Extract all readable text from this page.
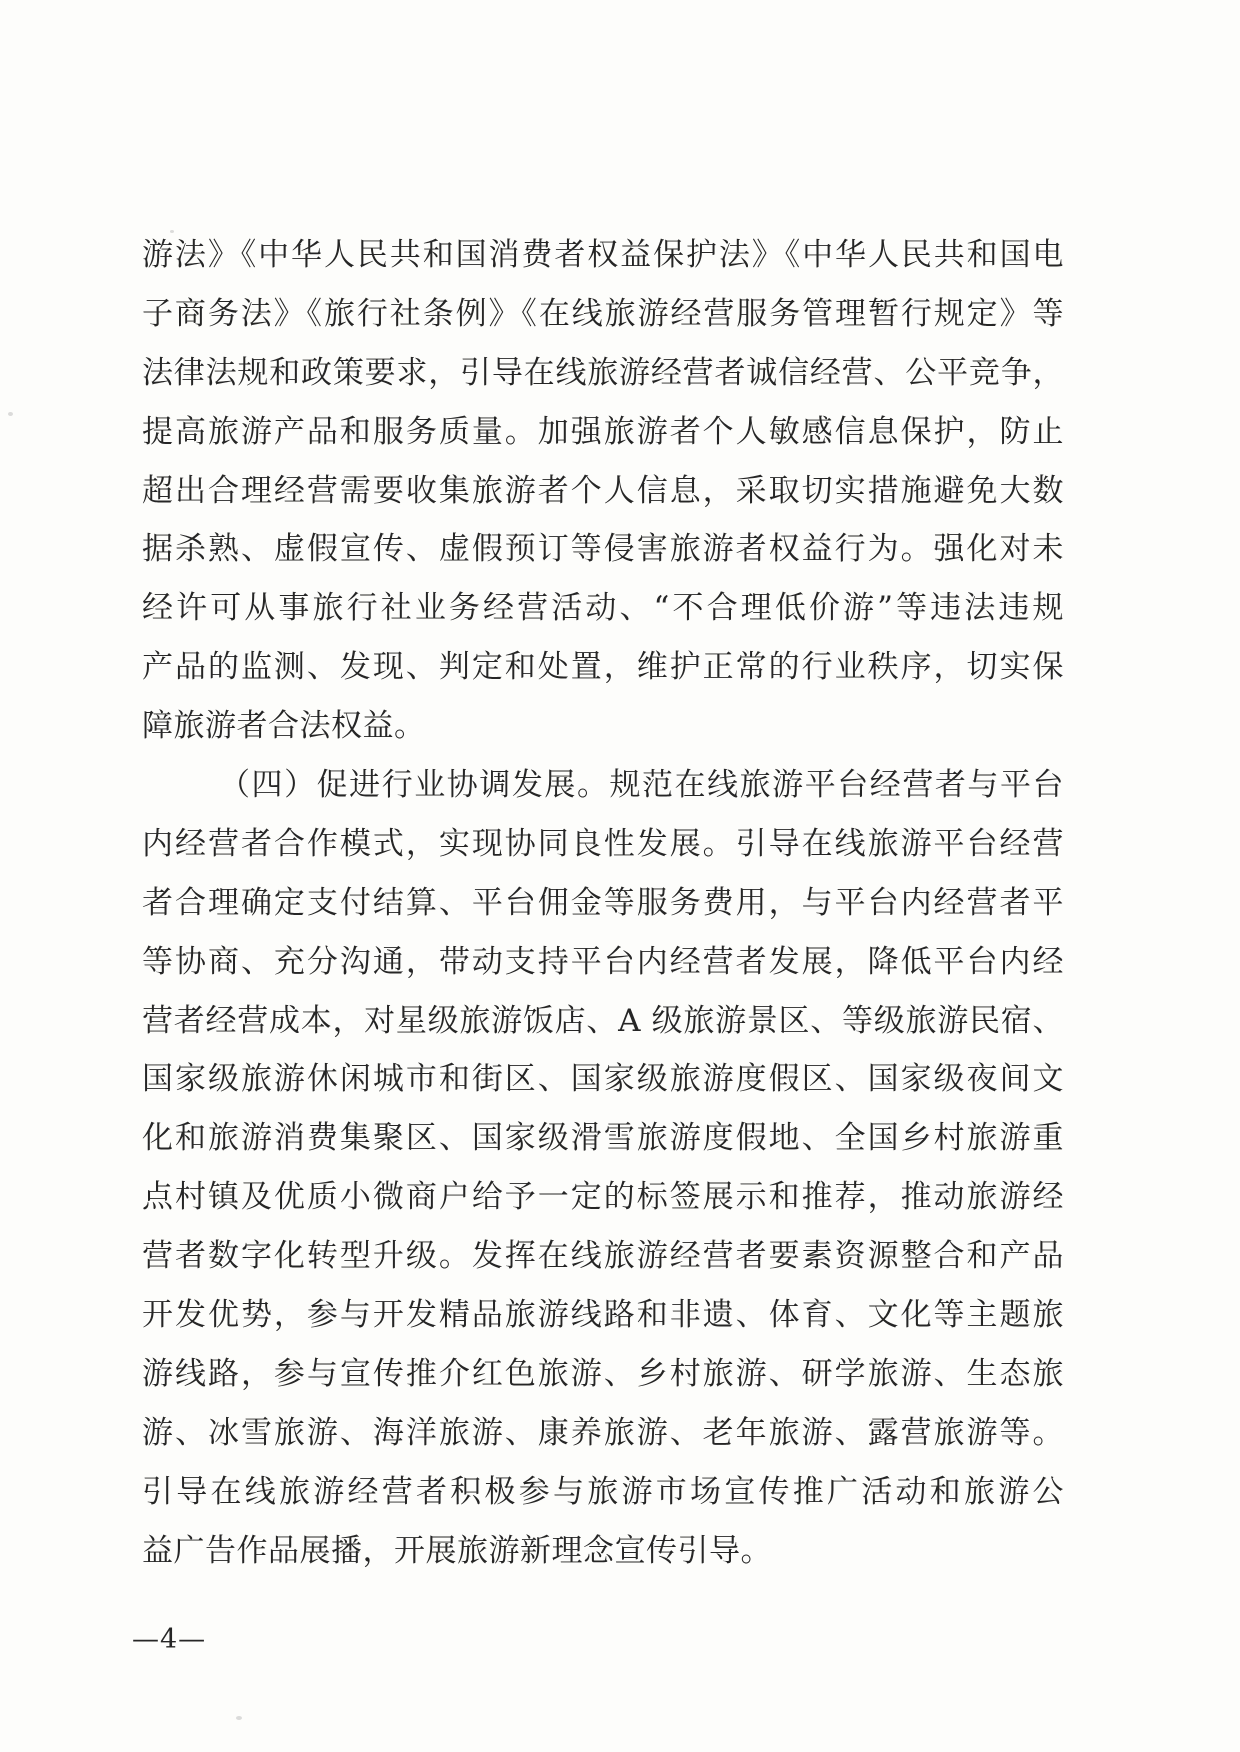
游法》《中华人民共和国消费者权益保护法》《中华人民共和国电
子商务法》《旅行社条例》《在线旅游经营服务管理暂行规定》等
法律法规和政策要求，引导在线旅游经营者诚信经营、公平竞争，
提高旅游产品和服务质量。加强旅游者个人敏感信息保护，防止
超出合理经营需要收集旅游者个人信息，采取切实措施避免大数
据杀熟、虚假宣传、虚假预订等侵害旅游者权益行为。强化对未
经许可从事旅行社业务经营活动、“不合理低价游”等违法违规
产品的监测、发现、判定和处置，维护正常的行业秩序，切实保
障旅游者合法权益。
（四）促进行业协调发展。规范在线旅游平台经营者与平台
内经营者合作模式，实现协同良性发展。引导在线旅游平台经营
者合理确定支付结算、平台佣金等服务费用，与平台内经营者平
等协商、充分沟通，带动支持平台内经营者发展，降低平台内经
营者经营成本，对星级旅游饭店、A 级旅游景区、等级旅游民宿、
国家级旅游休闲城市和街区、国家级旅游度假区、国家级夜间文
化和旅游消费集聚区、国家级滑雪旅游度假地、全国乡村旅游重
点村镇及优质小微商户给予一定的标签展示和推荐，推动旅游经
营者数字化转型升级。发挥在线旅游经营者要素资源整合和产品
开发优势，参与开发精品旅游线路和非遗、体育、文化等主题旅
游线路，参与宣传推介红色旅游、乡村旅游、研学旅游、生态旅
游、冰雪旅游、海洋旅游、康养旅游、老年旅游、露营旅游等。
引导在线旅游经营者积极参与旅游市场宣传推广活动和旅游公
益广告作品展播，开展旅游新理念宣传引导。
—4—
